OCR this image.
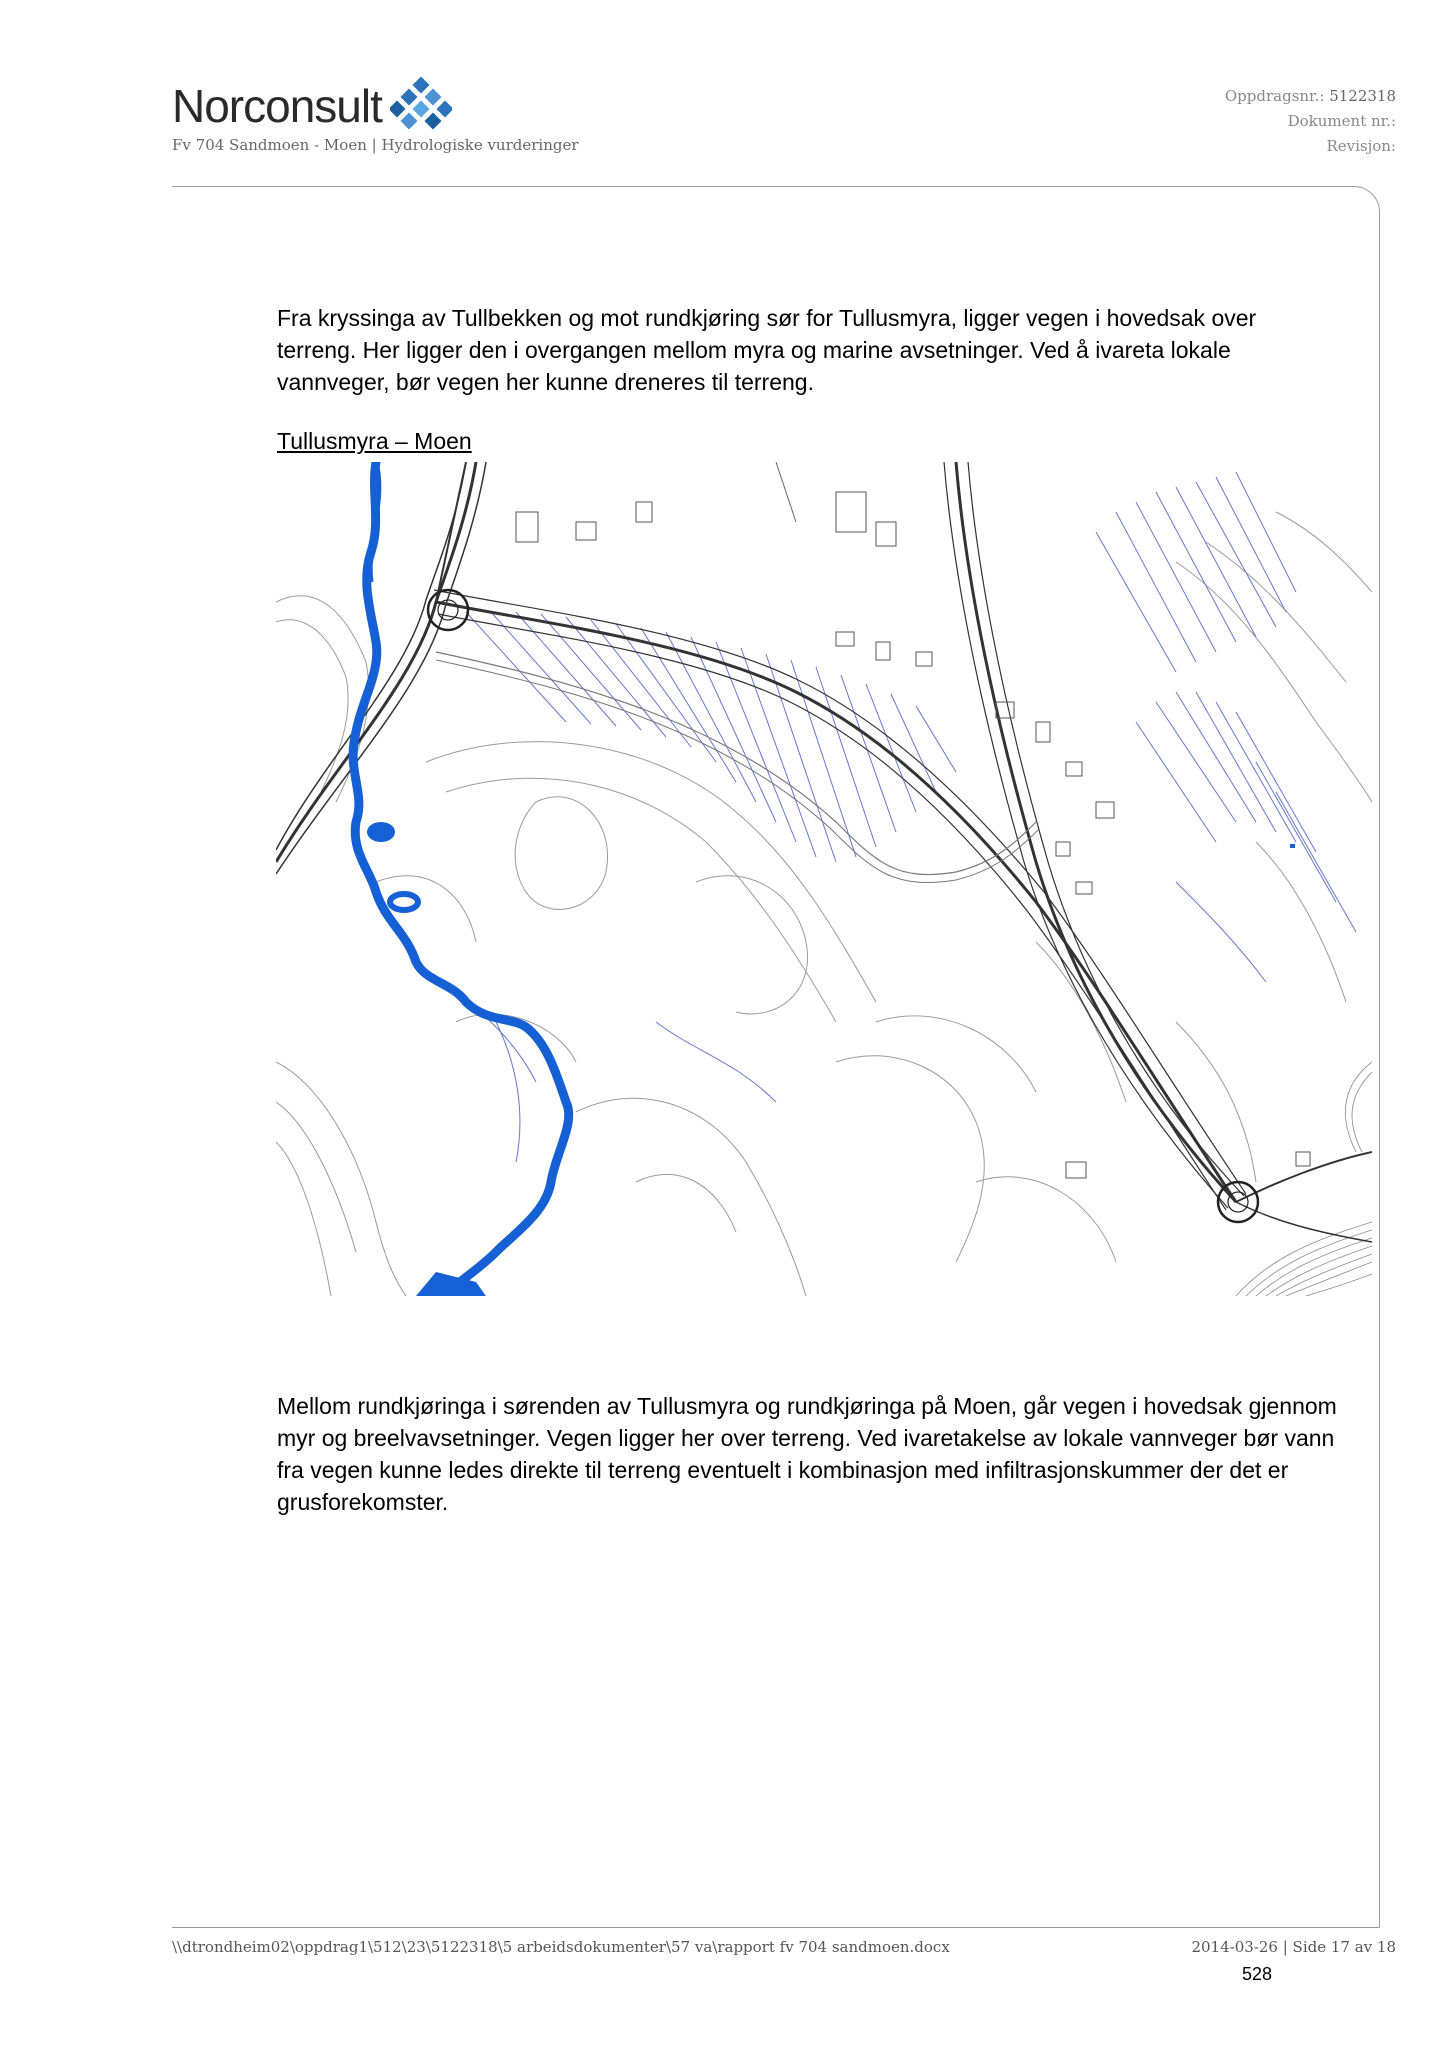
Norconsult
Fv 704 Sandmoen - Moen | Hydrologiske vurderinger
Oppdragsnr.: 5122318
Dokument nr.:
Revisjon:

Fra kryssinga av Tullbekken og mot rundkjøring sør for Tullusmyra, ligger vegen i hovedsak over terreng. Her ligger den i overgangen mellom myra og marine avsetninger. Ved å ivareta lokale vannveger, bør vegen her kunne dreneres til terreng.

Tullusmyra – Moen

Mellom rundkjøringa i sørenden av Tullusmyra og rundkjøringa på Moen, går vegen i hovedsak gjennom myr og breelvavsetninger. Vegen ligger her over terreng. Ved ivaretakelse av lokale vannveger bør vann fra vegen kunne ledes direkte til terreng eventuelt i kombinasjon med infiltrasjonskummer der det er grusforekomster.

\\dtrondheim02\oppdrag1\512\23\5122318\5 arbeidsdokumenter\57 va\rapport fv 704 sandmoen.docx	2014-03-26 | Side 17 av 18
528
